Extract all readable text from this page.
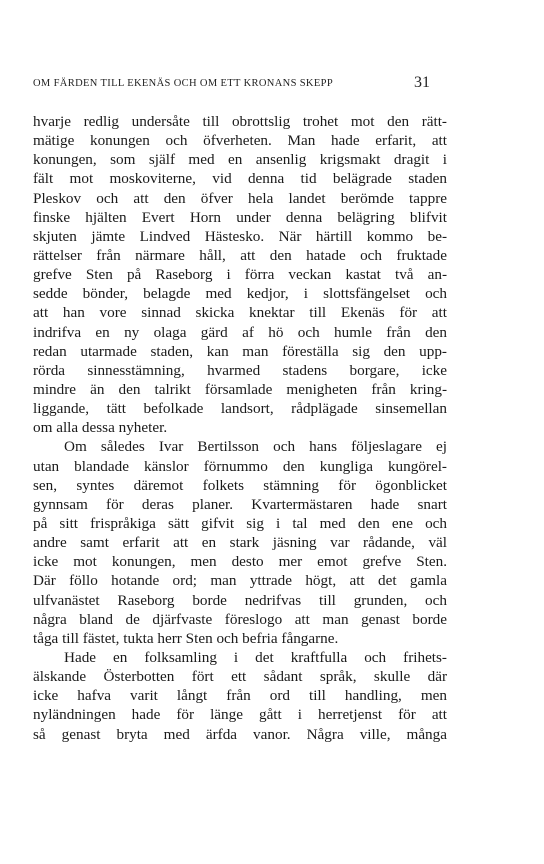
OM FÄRDEN TILL EKENÄS OCH OM ETT KRONANS SKEPP	31
hvarje redlig undersåte till obrottslig trohet mot den rätt-
mätige konungen och öfverheten. Man hade erfarit, att
konungen, som själf med en ansenlig krigsmakt dragit i
fält mot moskoviterne, vid denna tid belägrade staden
Pleskov och att den öfver hela landet berömde tappre
finske hjälten Evert Horn under denna belägring blifvit
skjuten jämte Lindved Hästesko. När härtill kommo be-
rättelser från närmare håll, att den hatade och fruktade
grefve Sten på Raseborg i förra veckan kastat två an-
sedde bönder, belagde med kedjor, i slottsfängelset och
att han vore sinnad skicka knektar till Ekenäs för att
indrifva en ny olaga gärd af hö och humle från den
redan utarmade staden, kan man föreställa sig den upp-
rörda sinnesstämning, hvarmed stadens borgare, icke
mindre än den talrikt församlade menigheten från kring-
liggande, tätt befolkade landsort, rådplägade sinsemellan
om alla dessa nyheter.
Om således Ivar Bertilsson och hans följeslagare ej
utan blandade känslor förnummo den kungliga kungörel-
sen, syntes däremot folkets stämning för ögonblicket
gynnsam för deras planer. Kvartermästaren hade snart
på sitt frispråkiga sätt gifvit sig i tal med den ene och
andre samt erfarit att en stark jäsning var rådande, väl
icke mot konungen, men desto mer emot grefve Sten.
Där föllo hotande ord; man yttrade högt, att det gamla
ulfvanästet Raseborg borde nedrifvas till grunden, och
några bland de djärfvaste föreslogo att man genast borde
tåga till fästet, tukta herr Sten och befria fångarne.
Hade en folksamling i det kraftfulla och frihets-
älskande Österbotten fört ett sådant språk, skulle där
icke hafva varit långt från ord till handling, men
nyländningen hade för länge gått i herretjenst för att
så genast bryta med ärfda vanor. Några ville, många
